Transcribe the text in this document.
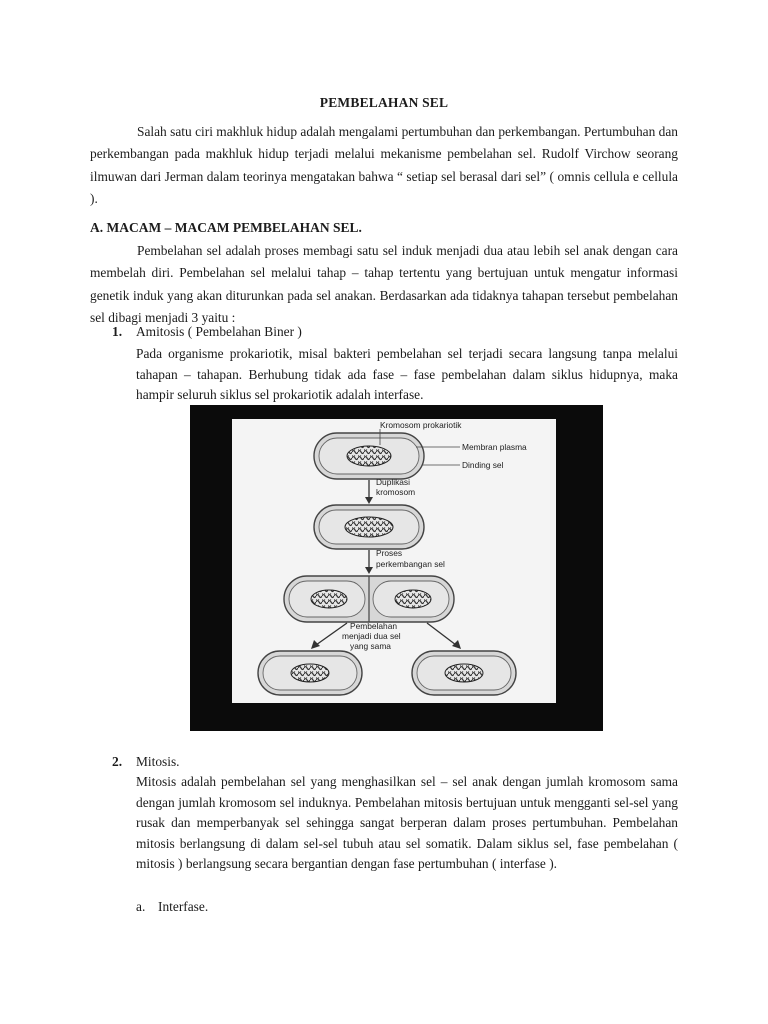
PEMBELAHAN SEL
Salah satu ciri makhluk hidup adalah mengalami pertumbuhan dan perkembangan. Pertumbuhan dan perkembangan pada makhluk hidup terjadi melalui mekanisme pembelahan sel. Rudolf Virchow seorang ilmuwan dari Jerman dalam teorinya mengatakan bahwa “ setiap sel berasal dari sel” ( omnis cellula e cellula ).
A. MACAM – MACAM PEMBELAHAN SEL.
Pembelahan sel adalah proses membagi satu sel induk menjadi dua atau lebih sel anak dengan cara membelah diri. Pembelahan sel melalui tahap – tahap tertentu yang bertujuan untuk mengatur informasi genetik induk yang akan diturunkan pada sel anakan. Berdasarkan ada tidaknya tahapan tersebut pembelahan sel dibagi menjadi 3 yaitu :
1. Amitosis ( Pembelahan Biner )
Pada organisme prokariotik, misal bakteri pembelahan sel terjadi secara langsung tanpa melalui tahapan – tahapan. Berhubung tidak ada fase – fase pembelahan dalam siklus hidupnya, maka hampir seluruh siklus sel prokariotik adalah interfase.
Kromosom prokariotik
Membran plasma
Dinding sel
Duplikasi
kromosom
Proses
perkembangan sel
Pembelahan
menjadi dua sel
yang sama
2. Mitosis.
Mitosis adalah pembelahan sel yang menghasilkan sel – sel anak dengan jumlah kromosom sama dengan jumlah kromosom sel induknya. Pembelahan mitosis bertujuan untuk mengganti sel-sel yang rusak dan memperbanyak sel sehingga sangat berperan dalam proses pertumbuhan. Pembelahan mitosis berlangsung di dalam sel-sel tubuh atau sel somatik. Dalam siklus sel, fase pembelahan ( mitosis ) berlangsung secara bergantian dengan fase pertumbuhan ( interfase ).
a. Interfase.
